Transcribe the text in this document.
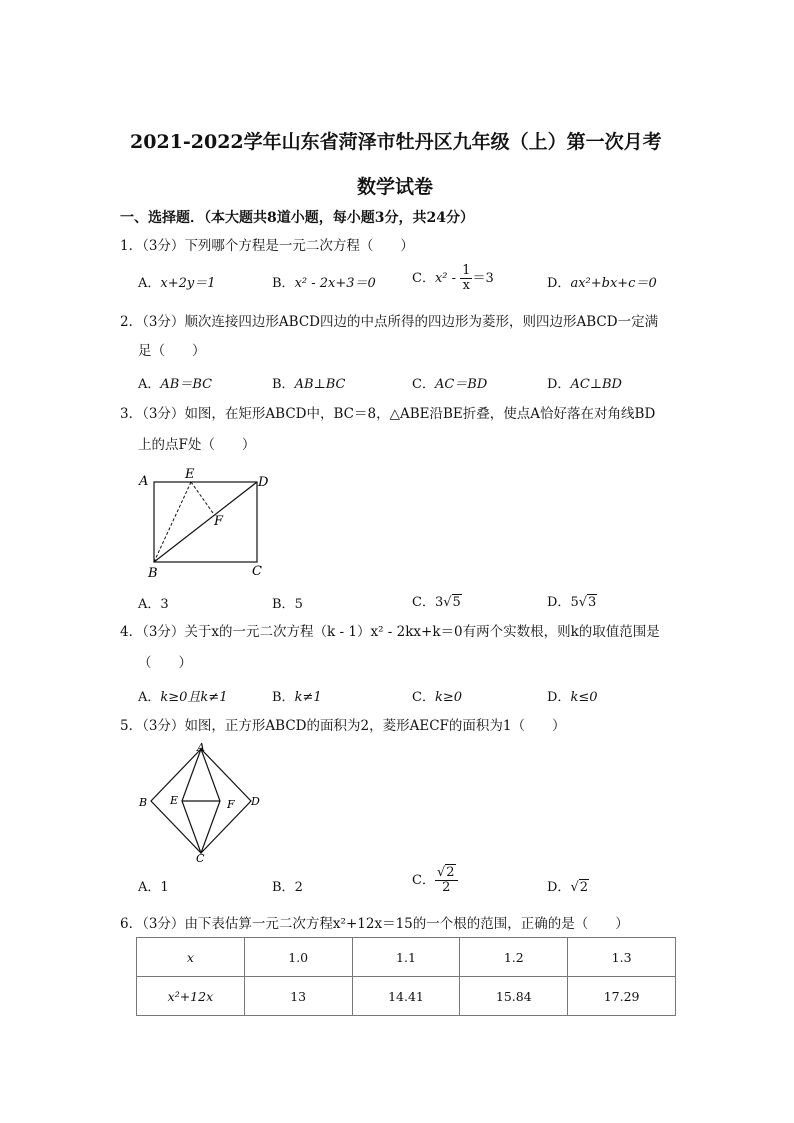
2021-2022学年山东省菏泽市牡丹区九年级（上）第一次月考
数学试卷
一、选择题．（本大题共8道小题，每小题3分，共24分）
1．（3分）下列哪个方程是一元二次方程（　　）
A．x+2y＝1	B．x² - 2x+3＝0	C．$x^2 - \frac{1}{x} =3$	D．ax²+bx+c＝0
2．（3分）顺次连接四边形ABCD四边的中点所得的四边形为菱形，则四边形ABCD一定满
足（　　）
A．AB＝BC	B．AB⊥BC	C．AC＝BD	D．AC⊥BD
3．（3分）如图，在矩形ABCD中，BC＝8，△ABE沿BE折叠，使点A恰好落在对角线BD
上的点F处（　　）
A	E
D
F
B	C
A．3	B．5	C．3√5	D．5√3
4．（3分）关于x的一元二次方程（k - 1）x² - 2kx+k＝0有两个实数根，则k的取值范围是
（　　）
A．k≥0且k≠1	B．k≠1	C．k≥0	D．k≤0
5．（3分）如图，正方形ABCD的面积为2，菱形AECF的面积为1（　　）
A
B E	F D
C
A．1	B．2	C． $\frac{√2}{2}$	D．√2
6．（3分）由下表估算一元二次方程x²+12x＝15的一个根的范围，正确的是（　　）
x	1.0	1.1	1.2	1.3
x²+12x	13	14.41	15.84	17.29
